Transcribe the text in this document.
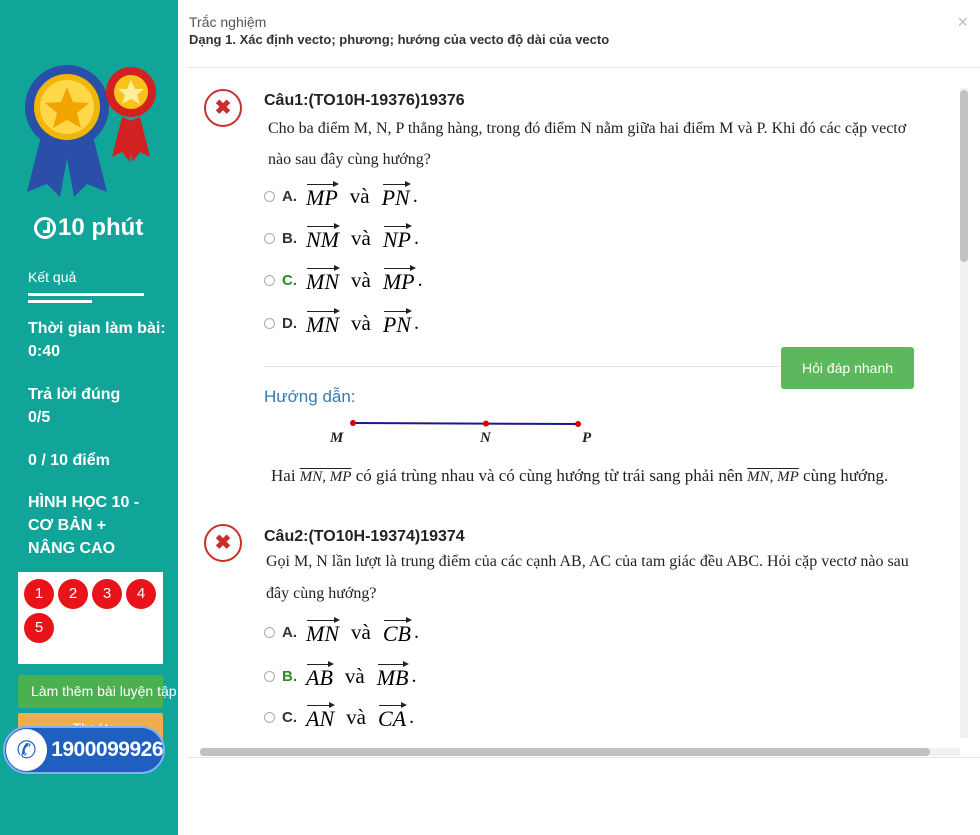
10 phút
Kết quả
Thời gian làm bài: 0:40
Trả lời đúng 0/5
0 / 10 điểm
HÌNH HỌC 10 - CƠ BẢN + NÂNG CAO
1	2	3	4
5
Làm thêm bài luyện tập
✆ 1900099926
Trắc nghiệm
Dạng 1. Xác định vecto; phương; hướng của vecto độ dài của vecto
×
✖	Câu1:(TO10H-19376)19376
Cho ba điểm M, N, P thẳng hàng, trong đó điểm N nằm giữa hai điểm M và P. Khi đó các cặp vectơ
nào sau đây cùng hướng?
A. MP và PN .
B. NM và NP .
C. MN và MP .
D. MN và PN .
Hỏi đáp nhanh
Hướng dẫn:
M	N	P
Hai MN, MP có giá trùng nhau và có cùng hướng từ trái sang phải nên MN, MP cùng hướng.
✖	Câu2:(TO10H-19374)19374
Gọi M, N lần lượt là trung điểm của các cạnh AB, AC của tam giác đều ABC. Hỏi cặp vectơ nào sau
đây cùng hướng?
A. MN và CB .
B. AB và MB .
C. AN và CA .
